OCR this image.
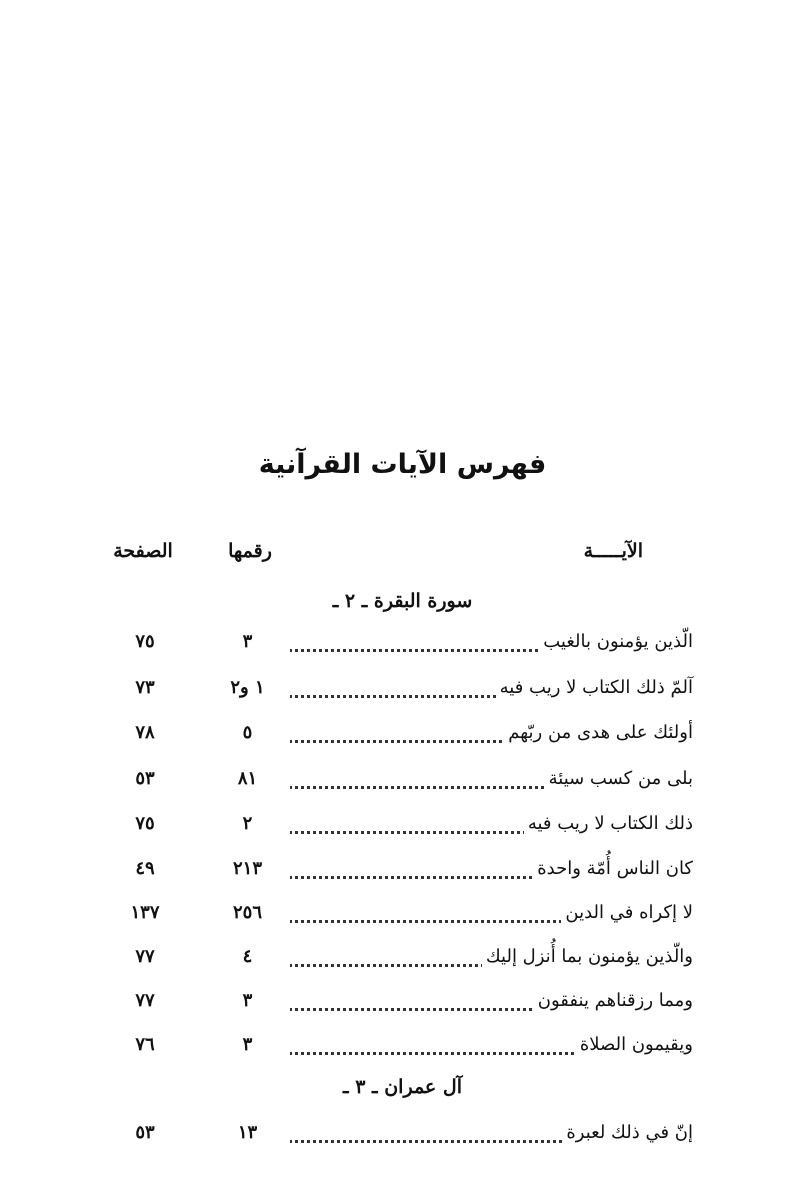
فهرس الآيات القرآنية
الآيـــــة
رقمها
الصفحة
سورة البقرة ـ ٢ ـ
الّذين يؤمنون بالغيب
٣
٧٥
آلمّ ذلك الكتاب لا ريب فيه
١ و٢
٧٣
أولئك على هدى من ربّهم
٥
٧٨
بلى من كسب سيئة
٨١
٥٣
ذلك الكتاب لا ريب فيه
٢
٧٥
كان الناس أُمّة واحدة
٢١٣
٤٩
لا إكراه في الدين
٢٥٦
١٣٧
والّذين يؤمنون بما أُنزل إليك
٤
٧٧
ومما رزقناهم ينفقون
٣
٧٧
ويقيمون الصلاة
٣
٧٦
آل عمران ـ ٣ ـ
إنّ في ذلك لعبرة
١٣
٥٣
